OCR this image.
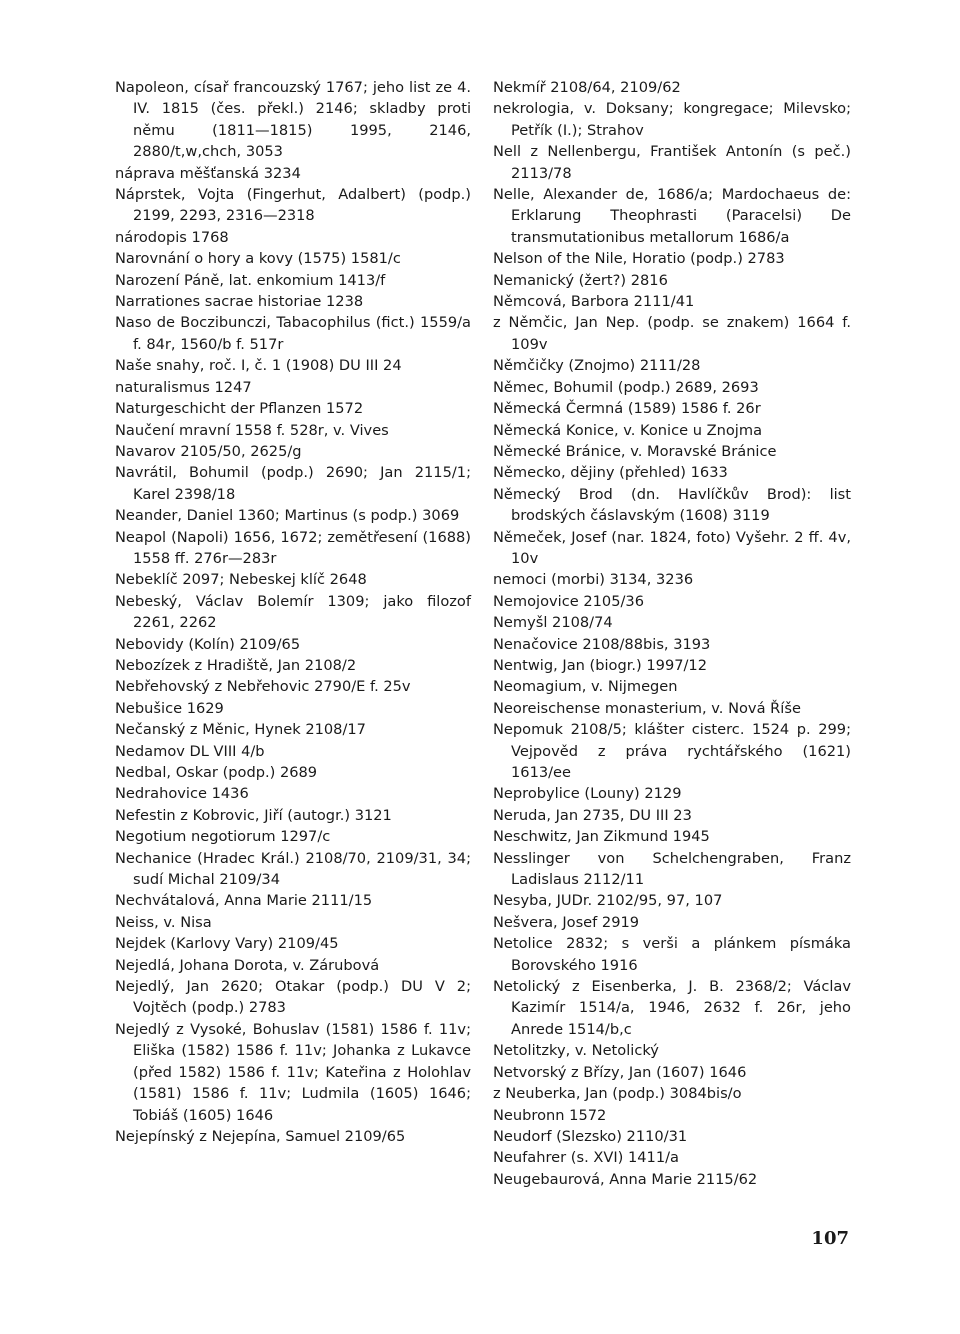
Napoleon, císař francouzský 1767; jeho list ze 4. IV. 1815 (čes. překl.) 2146; skladby proti němu (1811—1815) 1995, 2146, 2880/t,w,chch, 3053

náprava měšťanská 3234

Náprstek, Vojta (Fingerhut, Adalbert) (podp.) 2199, 2293, 2316—2318

národopis 1768

Narovnání o hory a kovy (1575) 1581/c

Narození Páně, lat. enkomium 1413/f

Narrationes sacrae historiae 1238

Naso de Boczibunczi, Tabacophilus (fict.) 1559/a f. 84r, 1560/b f. 517r

Naše snahy, roč. I, č. 1 (1908) DU III 24

naturalismus 1247

Naturgeschicht der Pflanzen 1572

Naučení mravní 1558 f. 528r, v. Vives

Navarov 2105/50, 2625/g

Navrátil, Bohumil (podp.) 2690; Jan 2115/1; Karel 2398/18

Neander, Daniel 1360; Martinus (s podp.) 3069

Neapol (Napoli) 1656, 1672; zemětřesení (1688) 1558 ff. 276r—283r

Nebeklíč 2097; Nebeskej klíč 2648

Nebeský, Václav Bolemír 1309; jako filozof 2261, 2262

Nebovidy (Kolín) 2109/65

Nebozízek z Hradiště, Jan 2108/2

Nebřehovský z Nebřehovic 2790/E f. 25v

Nebušice 1629

Nečanský z Měnic, Hynek 2108/17

Nedamov DL VIII 4/b

Nedbal, Oskar (podp.) 2689

Nedrahovice 1436

Nefestin z Kobrovic, Jiří (autogr.) 3121

Negotium negotiorum 1297/c

Nechanice (Hradec Král.) 2108/70, 2109/31, 34; sudí Michal 2109/34

Nechvátalová, Anna Marie 2111/15

Neiss, v. Nisa

Nejdek (Karlovy Vary) 2109/45

Nejedlá, Johana Dorota, v. Zárubová

Nejedlý, Jan 2620; Otakar (podp.) DU V 2; Vojtěch (podp.) 2783

Nejedlý z Vysoké, Bohuslav (1581) 1586 f. 11v; Eliška (1582) 1586 f. 11v; Johanka z Lukavce (před 1582) 1586 f. 11v; Kateřina z Holohlav (1581) 1586 f. 11v; Ludmila (1605) 1646; Tobiáš (1605) 1646

Nejepínský z Nejepína, Samuel 2109/65

Nekmíř 2108/64, 2109/62

nekrologia, v. Doksany; kongregace; Milevsko; Petřík (I.); Strahov

Nell z Nellenbergu, František Antonín (s peč.) 2113/78

Nelle, Alexander de, 1686/a; Mardochaeus de: Erklarung Theophrasti (Paracelsi) De transmutationibus metallorum 1686/a

Nelson of the Nile, Horatio (podp.) 2783

Nemanický (žert?) 2816

Němcová, Barbora 2111/41

z Němčic, Jan Nep. (podp. se znakem) 1664 f. 109v

Němčičky (Znojmo) 2111/28

Němec, Bohumil (podp.) 2689, 2693

Německá Čermná (1589) 1586 f. 26r

Německá Konice, v. Konice u Znojma

Německé Bránice, v. Moravské Bránice

Německo, dějiny (přehled) 1633

Německý Brod (dn. Havlíčkův Brod): list brodských čáslavským (1608) 3119

Němeček, Josef (nar. 1824, foto) Vyšehr. 2 ff. 4v, 10v

nemoci (morbi) 3134, 3236

Nemojovice 2105/36

Nemyšl 2108/74

Nenačovice 2108/88bis, 3193

Nentwig, Jan (biogr.) 1997/12

Neomagium, v. Nijmegen

Neoreischense monasterium, v. Nová Říše

Nepomuk 2108/5; klášter cisterc. 1524 p. 299; Vejpověd z práva rychtářského (1621) 1613/ee

Neprobylice (Louny) 2129

Neruda, Jan 2735, DU III 23

Neschwitz, Jan Zikmund 1945

Nesslinger von Schelchengraben, Franz Ladislaus 2112/11

Nesyba, JUDr. 2102/95, 97, 107

Nešvera, Josef 2919

Netolice 2832; s verši a plánkem písmáka Borovského 1916

Netolický z Eisenberka, J. B. 2368/2; Václav Kazimír 1514/a, 1946, 2632 f. 26r, jeho Anrede 1514/b,c

Netolitzky, v. Netolický

Netvorský z Břízy, Jan (1607) 1646

z Neuberka, Jan (podp.) 3084bis/o

Neubronn 1572

Neudorf (Slezsko) 2110/31

Neufahrer (s. XVI) 1411/a

Neugebaurová, Anna Marie 2115/62

107
